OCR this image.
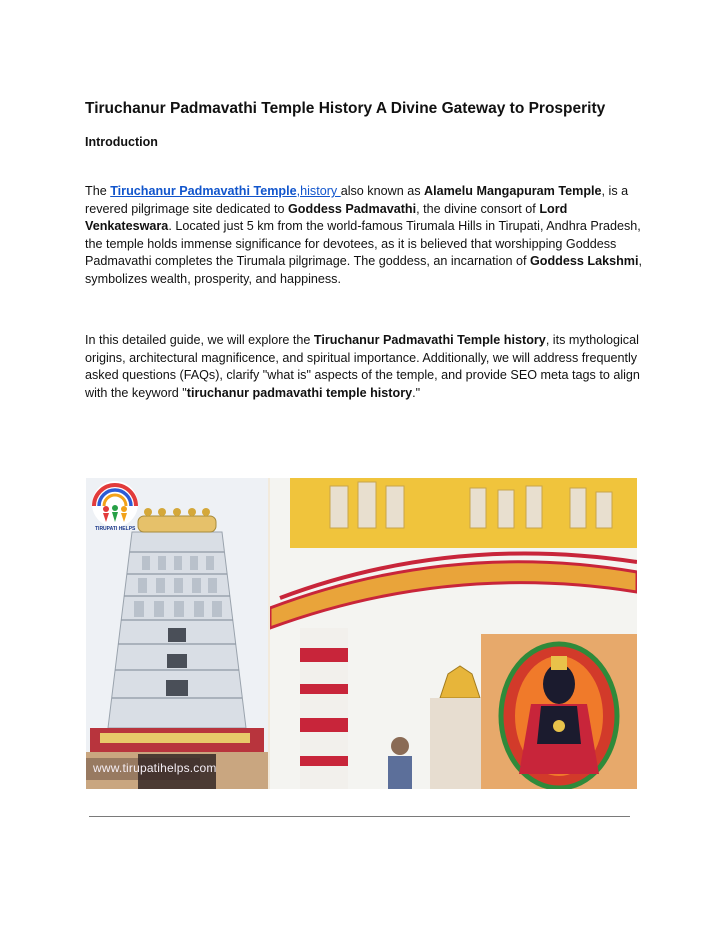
Tiruchanur Padmavathi Temple History A Divine Gateway to Prosperity
Introduction

The Tiruchanur Padmavathi Temple,history also known as Alamelu Mangapuram Temple, is a revered pilgrimage site dedicated to Goddess Padmavathi, the divine consort of Lord Venkateswara. Located just 5 km from the world-famous Tirumala Hills in Tirupati, Andhra Pradesh, the temple holds immense significance for devotees, as it is believed that worshipping Goddess Padmavathi completes the Tirumala pilgrimage. The goddess, an incarnation of Goddess Lakshmi, symbolizes wealth, prosperity, and happiness.

In this detailed guide, we will explore the Tiruchanur Padmavathi Temple history, its mythological origins, architectural magnificence, and spiritual importance. Additionally, we will address frequently asked questions (FAQs), clarify "what is" aspects of the temple, and provide SEO meta tags to align with the keyword "tiruchanur padmavathi temple history."

TIRUPATI HELPS
www.tirupatihelps.com
